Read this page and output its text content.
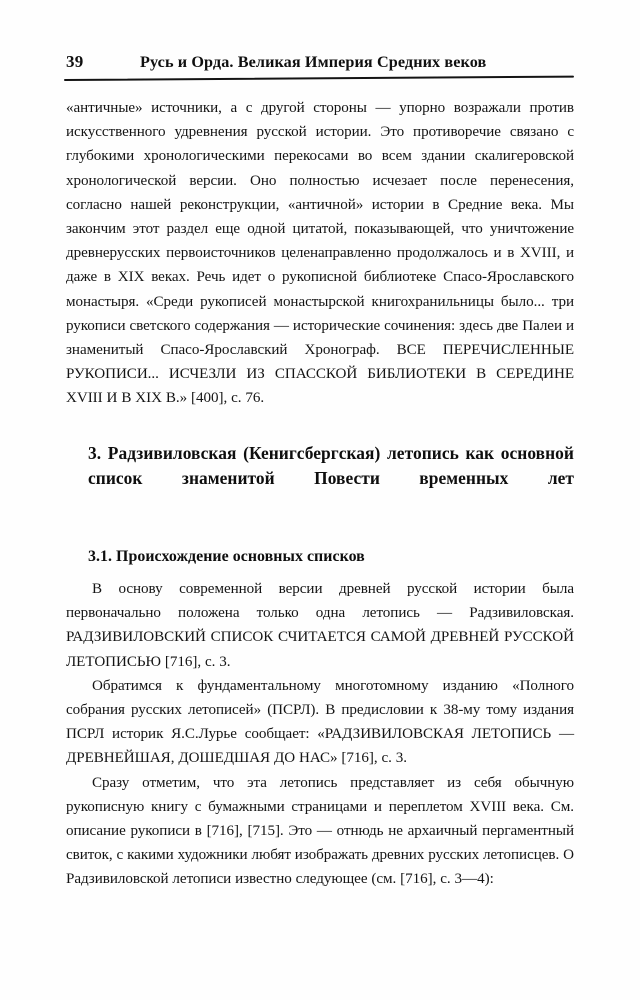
39	Русь и Орда. Великая Империя Средних веков

«античные» источники, а с другой стороны — упорно возражали против искусственного удревнения русской истории. Это противоречие связано с глубокими хронологическими перекосами во всем здании скалигеровской хронологической версии. Оно полностью исчезает после перенесения, согласно нашей реконструкции, «античной» истории в Средние века. Мы закончим этот раздел еще одной цитатой, показывающей, что уничтожение древнерусских первоисточников целенаправленно продолжалось и в XVIII, и даже в XIX веках. Речь идет о рукописной библиотеке Спасо-Ярославского монастыря. «Среди рукописей монастырской книгохранильницы было... три рукописи светского содержания — исторические сочинения: здесь две Палеи и знаменитый Спасо-Ярославский Хронограф. ВСЕ ПЕРЕЧИСЛЕННЫЕ РУКОПИСИ... ИСЧЕЗЛИ ИЗ СПАССКОЙ БИБЛИОТЕКИ В СЕРЕДИНЕ XVIII И В XIX В.» [400], с. 76.

3. Радзивиловская (Кенигсбергская) летопись как основной список знаменитой Повести временных лет
3.1. Происхождение основных списков

В основу современной версии древней русской истории была первоначально положена только одна летопись — Радзивиловская. РАДЗИВИЛОВСКИЙ СПИСОК СЧИТАЕТСЯ САМОЙ ДРЕВНЕЙ РУССКОЙ ЛЕТОПИСЬЮ [716], с. 3.

Обратимся к фундаментальному многотомному изданию «Полного собрания русских летописей» (ПСРЛ). В предисловии к 38-му тому издания ПСРЛ историк Я.С.Лурье сообщает: «РАДЗИВИЛОВСКАЯ ЛЕТОПИСЬ — ДРЕВНЕЙШАЯ, ДОШЕДШАЯ ДО НАС» [716], с. 3.

Сразу отметим, что эта летопись представляет из себя обычную рукописную книгу с бумажными страницами и переплетом XVIII века. См. описание рукописи в [716], [715]. Это — отнюдь не архаичный пергаментный свиток, с какими художники любят изображать древних русских летописцев. О Радзивиловской летописи известно следующее (см. [716], с. 3—4):
